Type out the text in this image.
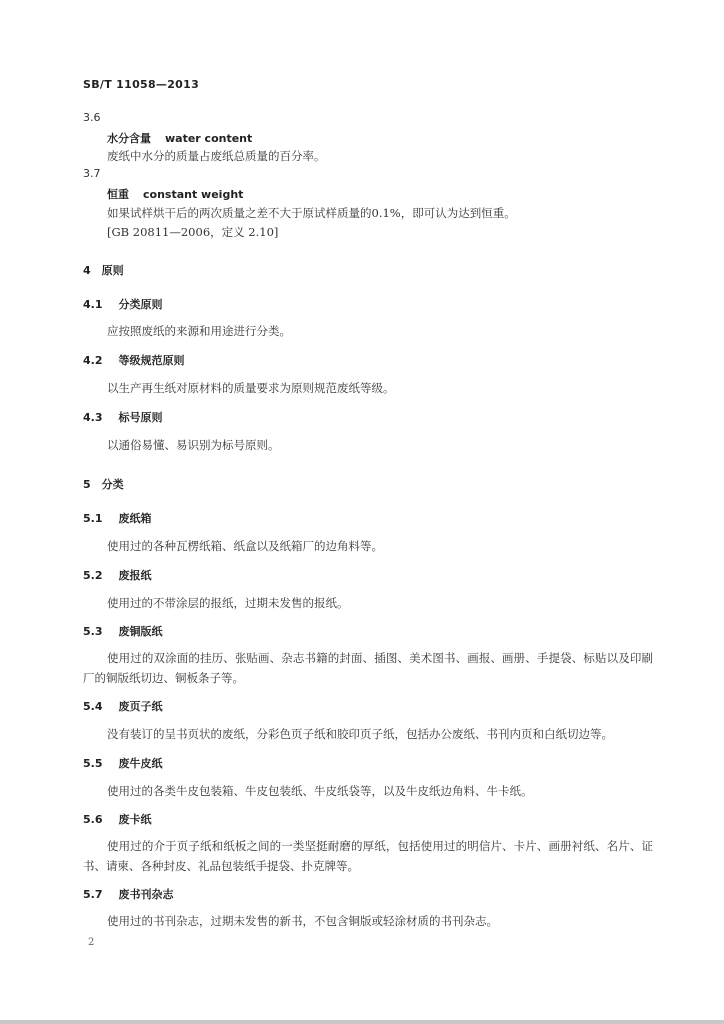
SB/T 11058—2013
3.6
水分含量 water content
废纸中水分的质量占废纸总质量的百分率。
3.7
恒重 constant weight
如果试样烘干后的两次质量之差不大于原试样质量的0.1%，即可认为达到恒重。
[GB 20811—2006，定义 2.10]
4　原则
4.1 分类原则
应按照废纸的来源和用途进行分类。
4.2 等级规范原则
以生产再生纸对原材料的质量要求为原则规范废纸等级。
4.3 标号原则
以通俗易懂、易识别为标号原则。
5　分类
5.1 废纸箱
使用过的各种瓦楞纸箱、纸盒以及纸箱厂的边角料等。
5.2 废报纸
使用过的不带涂层的报纸，过期未发售的报纸。
5.3 废铜版纸
使用过的双涂面的挂历、张贴画、杂志书籍的封面、插图、美术图书、画报、画册、手提袋、标贴以及印刷厂的铜版纸切边、铜板条子等。
5.4 废页子纸
没有装订的呈书页状的废纸，分彩色页子纸和胶印页子纸，包括办公废纸、书刊内页和白纸切边等。
5.5 废牛皮纸
使用过的各类牛皮包装箱、牛皮包装纸、牛皮纸袋等，以及牛皮纸边角料、牛卡纸。
5.6 废卡纸
使用过的介于页子纸和纸板之间的一类坚挺耐磨的厚纸，包括使用过的明信片、卡片、画册衬纸、名片、证书、请柬、各种封皮、礼品包装纸手提袋、扑克牌等。
5.7 废书刊杂志
使用过的书刊杂志，过期未发售的新书，不包含铜版或轻涂材质的书刊杂志。
2
